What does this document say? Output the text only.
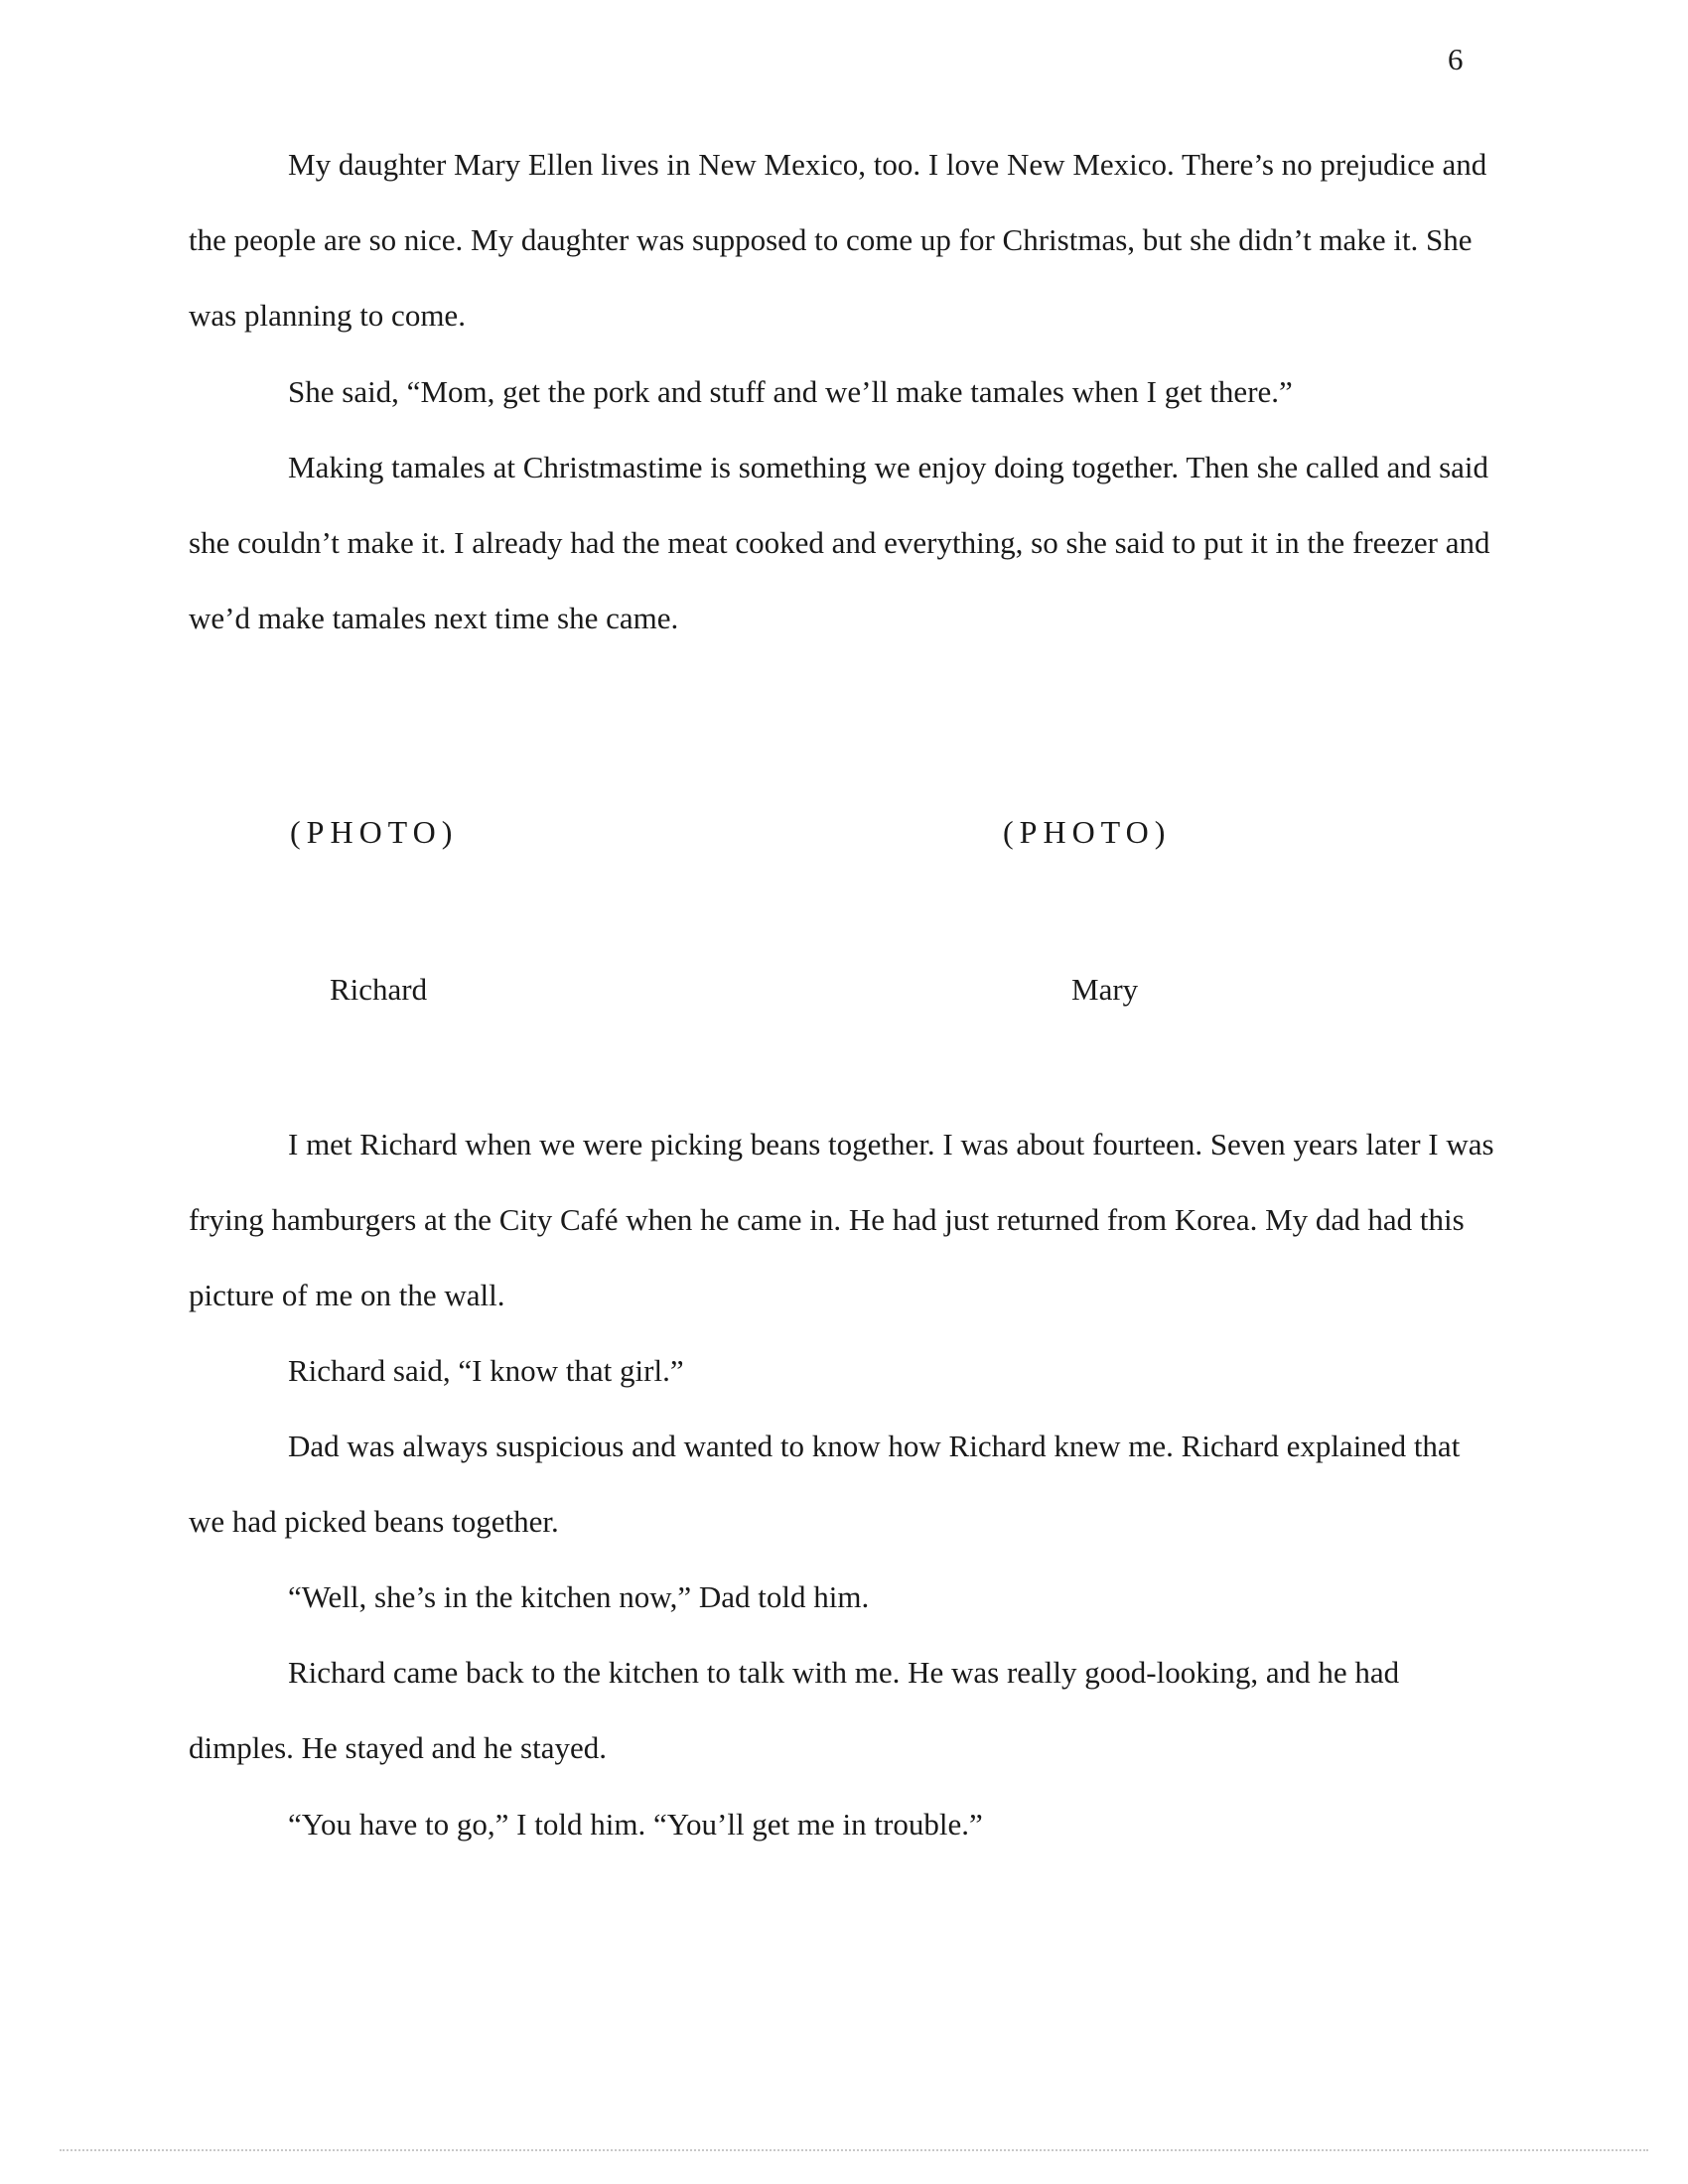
6

My daughter Mary Ellen lives in New Mexico, too. I love New Mexico. There’s no prejudice and the people are so nice. My daughter was supposed to come up for Christmas, but she didn’t make it. She was planning to come.

She said, “Mom, get the pork and stuff and we’ll make tamales when I get there.”

Making tamales at Christmastime is something we enjoy doing together. Then she called and said she couldn’t make it. I already had the meat cooked and everything, so she said to put it in the freezer and we’d make tamales next time she came.

(PHOTO)	(PHOTO)
Richard	Mary

I met Richard when we were picking beans together. I was about fourteen. Seven years later I was frying hamburgers at the City Café when he came in. He had just returned from Korea. My dad had this picture of me on the wall.

Richard said, “I know that girl.”

Dad was always suspicious and wanted to know how Richard knew me. Richard explained that we had picked beans together.

“Well, she’s in the kitchen now,” Dad told him.

Richard came back to the kitchen to talk with me. He was really good-looking, and he had dimples. He stayed and he stayed.

“You have to go,” I told him. “You’ll get me in trouble.”
